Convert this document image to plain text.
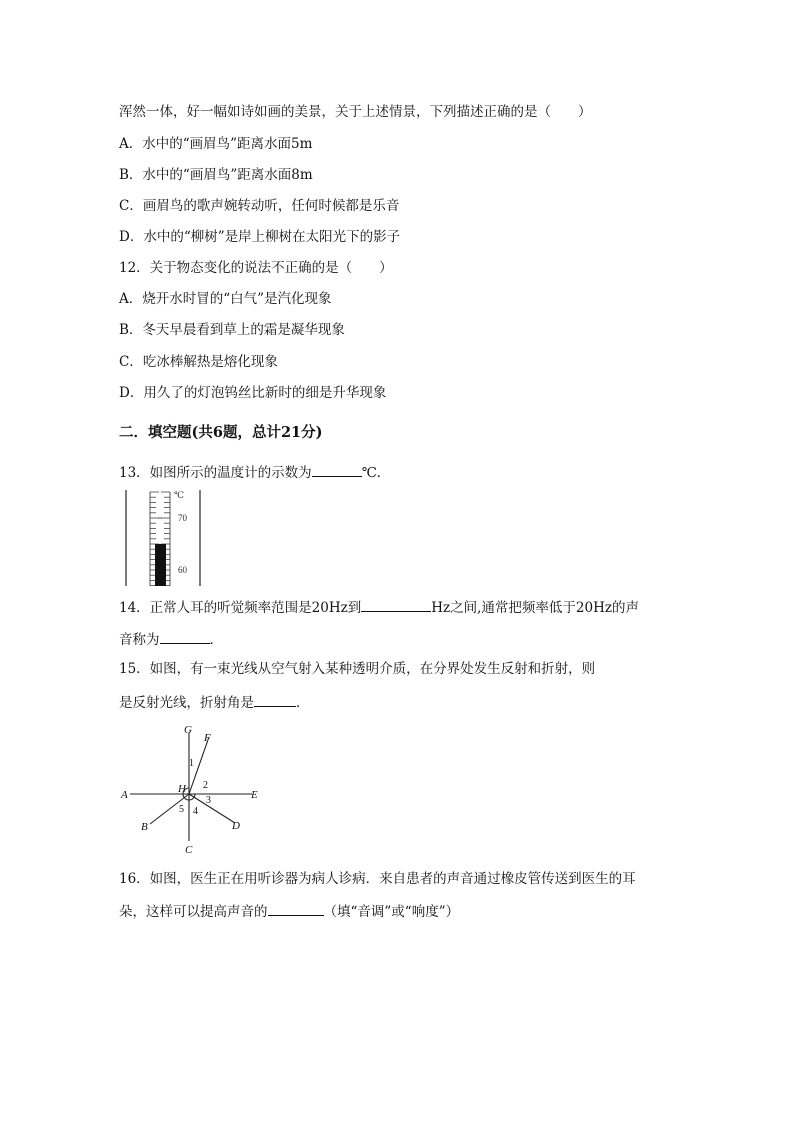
浑然一体，好一幅如诗如画的美景，关于上述情景，下列描述正确的是（　　）
A．水中的“画眉鸟”距离水面5m
B．水中的“画眉鸟”距离水面8m
C．画眉鸟的歌声婉转动听，任何时候都是乐音
D．水中的“柳树”是岸上柳树在太阳光下的影子
12．关于物态变化的说法不正确的是（　　）
A．烧开水时冒的“白气”是汽化现象
B．冬天早晨看到草上的霜是凝华现象
C．吃冰棒解热是熔化现象
D．用久了的灯泡钨丝比新时的细是升华现象
二．填空题(共6题，总计21分)
13．如图所示的温度计的示数为	℃．
℃
70
60
14．正常人耳的听觉频率范围是20Hz到	Hz之间,通常把频率低于20Hz的声
音称为	．
15．如图，有一束光线从空气射入某种透明介质，在分界处发生反射和折射，则
是反射光线，折射角是	．
G
F
A	H	E
B
C
D
1
2
3
4
5
16．如图，医生正在用听诊器为病人诊病．来自患者的声音通过橡皮管传送到医生的耳
朵，这样可以提高声音的	（填“音调”或“响度”）
